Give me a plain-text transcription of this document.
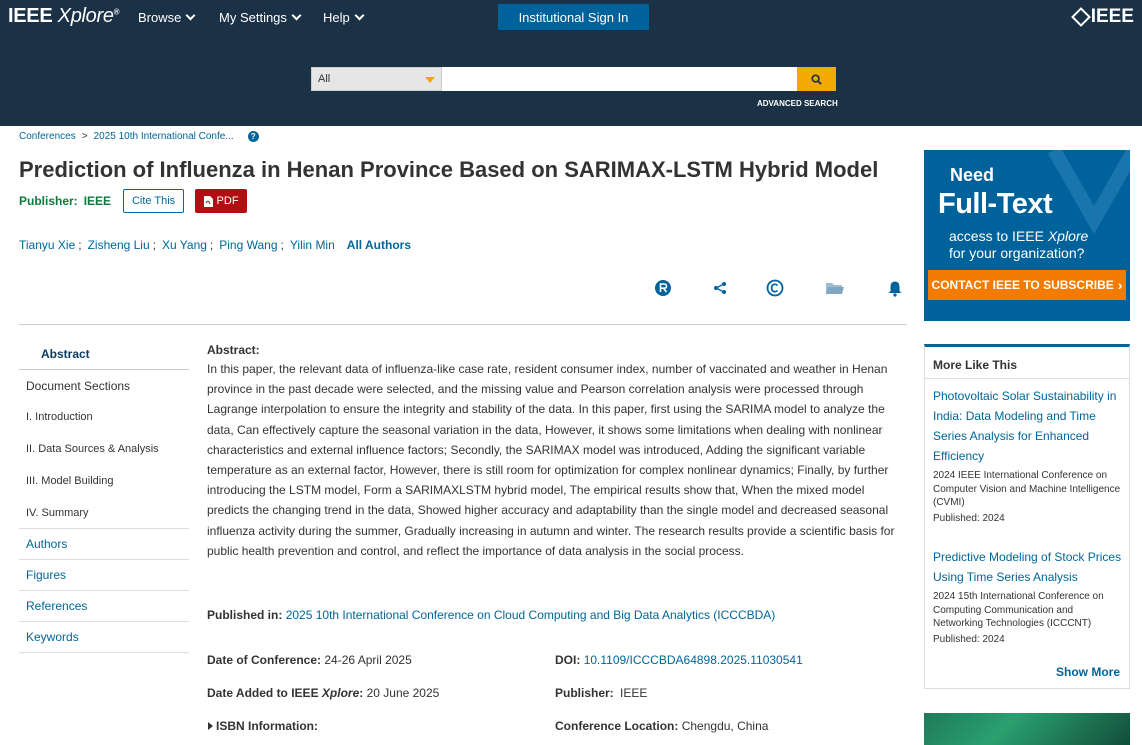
IEEE Xplore® Browse	My Settings	Help	Institutional Sign In	IEEE
All
ADVANCED SEARCH
Conferences > 2025 10th International Confe...	?
Prediction of Influenza in Henan Province Based on SARIMAX-LSTM Hybrid Model
Publisher: IEEE	Cite This	PDF
Tianyu Xie ; Zisheng Liu ; Xu Yang ; Ping Wang ; Yilin Min All Authors
Abstract
Document Sections
I. Introduction
II. Data Sources & Analysis
III. Model Building
IV. Summary
Authors
Figures
References
Keywords
Abstract:
In this paper, the relevant data of influenza-like case rate, resident consumer index, number of vaccinated and weather in Henan province in the past decade were selected, and the missing value and Pearson correlation analysis were processed through Lagrange interpolation to ensure the integrity and stability of the data. In this paper, first using the SARIMA model to analyze the data, Can effectively capture the seasonal variation in the data, However, it shows some limitations when dealing with nonlinear characteristics and external influence factors; Secondly, the SARIMAX model was introduced, Adding the significant variable temperature as an external factor, However, there is still room for optimization for complex nonlinear dynamics; Finally, by further introducing the LSTM model, Form a SARIMAXLSTM hybrid model, The empirical results show that, When the mixed model predicts the changing trend in the data, Showed higher accuracy and adaptability than the single model and decreased seasonal influenza activity during the summer, Gradually increasing in autumn and winter. The research results provide a scientific basis for public health prevention and control, and reflect the importance of data analysis in the social process.
Published in: 2025 10th International Conference on Cloud Computing and Big Data Analytics (ICCCBDA)
Date of Conference: 24-26 April 2025	DOI: 10.1109/ICCCBDA64898.2025.11030541
Date Added to IEEE Xplore: 20 June 2025	Publisher: IEEE
ISBN Information:	Conference Location: Chengdu, China
Need
Full-Text
access to IEEE Xplore
for your organization?
CONTACT IEEE TO SUBSCRIBE ›
More Like This
Photovoltaic Solar Sustainability in India: Data Modeling and Time Series Analysis for Enhanced Efficiency
2024 IEEE International Conference on Computer Vision and Machine Intelligence (CVMI)
Published: 2024
Predictive Modeling of Stock Prices Using Time Series Analysis
2024 15th International Conference on Computing Communication and Networking Technologies (ICCCNT)
Published: 2024
Show More
